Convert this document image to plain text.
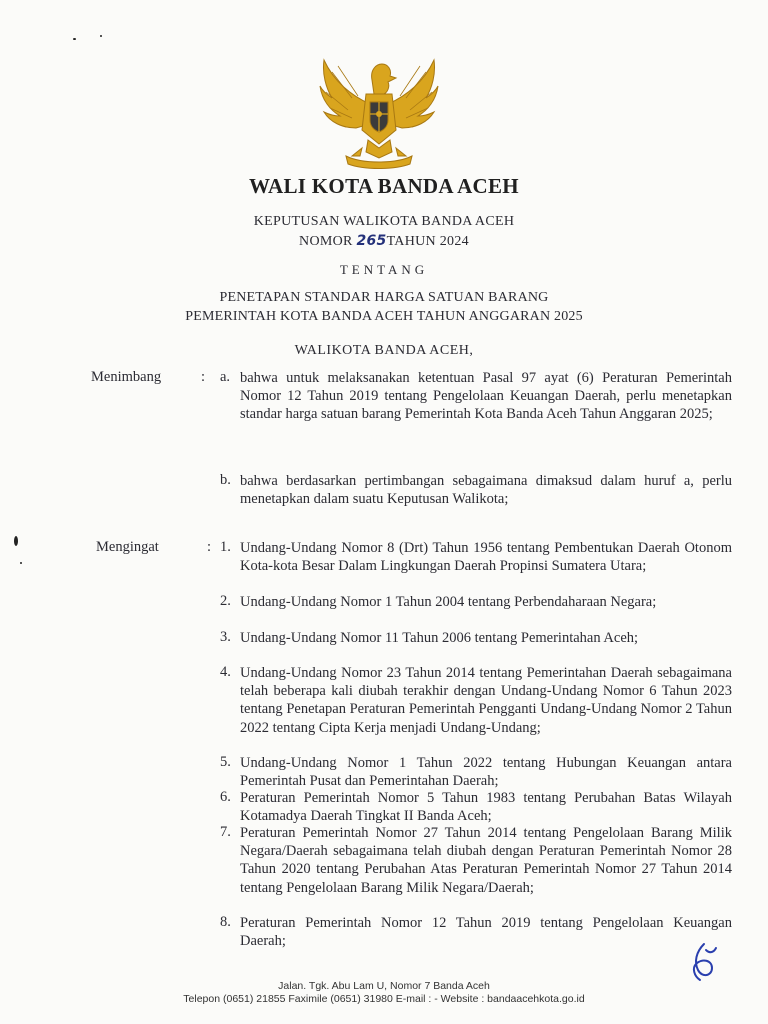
WALI KOTA BANDA ACEH
KEPUTUSAN WALIKOTA BANDA ACEH
NOMOR 265TAHUN 2024
TENTANG
PENETAPAN STANDAR HARGA SATUAN BARANG
PEMERINTAH KOTA BANDA ACEH TAHUN ANGGARAN 2025
WALIKOTA BANDA ACEH,
Menimbang	: a. bahwa untuk melaksanakan ketentuan Pasal 97 ayat (6) Peraturan Pemerintah Nomor 12 Tahun 2019 tentang Pengelolaan Keuangan Daerah, perlu menetapkan standar harga satuan barang Pemerintah Kota Banda Aceh Tahun Anggaran 2025;
b. bahwa berdasarkan pertimbangan sebagaimana dimaksud dalam huruf a, perlu menetapkan dalam suatu Keputusan Walikota;
Mengingat	: 1. Undang-Undang Nomor 8 (Drt) Tahun 1956 tentang Pembentukan Daerah Otonom Kota-kota Besar Dalam Lingkungan Daerah Propinsi Sumatera Utara;
2. Undang-Undang Nomor 1 Tahun 2004 tentang Perbendaharaan Negara;
3. Undang-Undang Nomor 11 Tahun 2006 tentang Pemerintahan Aceh;
4. Undang-Undang Nomor 23 Tahun 2014 tentang Pemerintahan Daerah sebagaimana telah beberapa kali diubah terakhir dengan Undang-Undang Nomor 6 Tahun 2023 tentang Penetapan Peraturan Pemerintah Pengganti Undang-Undang Nomor 2 Tahun 2022 tentang Cipta Kerja menjadi Undang-Undang;
5. Undang-Undang Nomor 1 Tahun 2022 tentang Hubungan Keuangan antara Pemerintah Pusat dan Pemerintahan Daerah;
6. Peraturan Pemerintah Nomor 5 Tahun 1983 tentang Perubahan Batas Wilayah Kotamadya Daerah Tingkat II Banda Aceh;
7. Peraturan Pemerintah Nomor 27 Tahun 2014 tentang Pengelolaan Barang Milik Negara/Daerah sebagaimana telah diubah dengan Peraturan Pemerintah Nomor 28 Tahun 2020 tentang Perubahan Atas Peraturan Pemerintah Nomor 27 Tahun 2014 tentang Pengelolaan Barang Milik Negara/Daerah;
8. Peraturan Pemerintah Nomor 12 Tahun 2019 tentang Pengelolaan Keuangan Daerah;
Jalan. Tgk. Abu Lam U, Nomor 7 Banda Aceh
Telepon (0651) 21855 Faximile (0651) 31980 E-mail : - Website : bandaacehkota.go.id
